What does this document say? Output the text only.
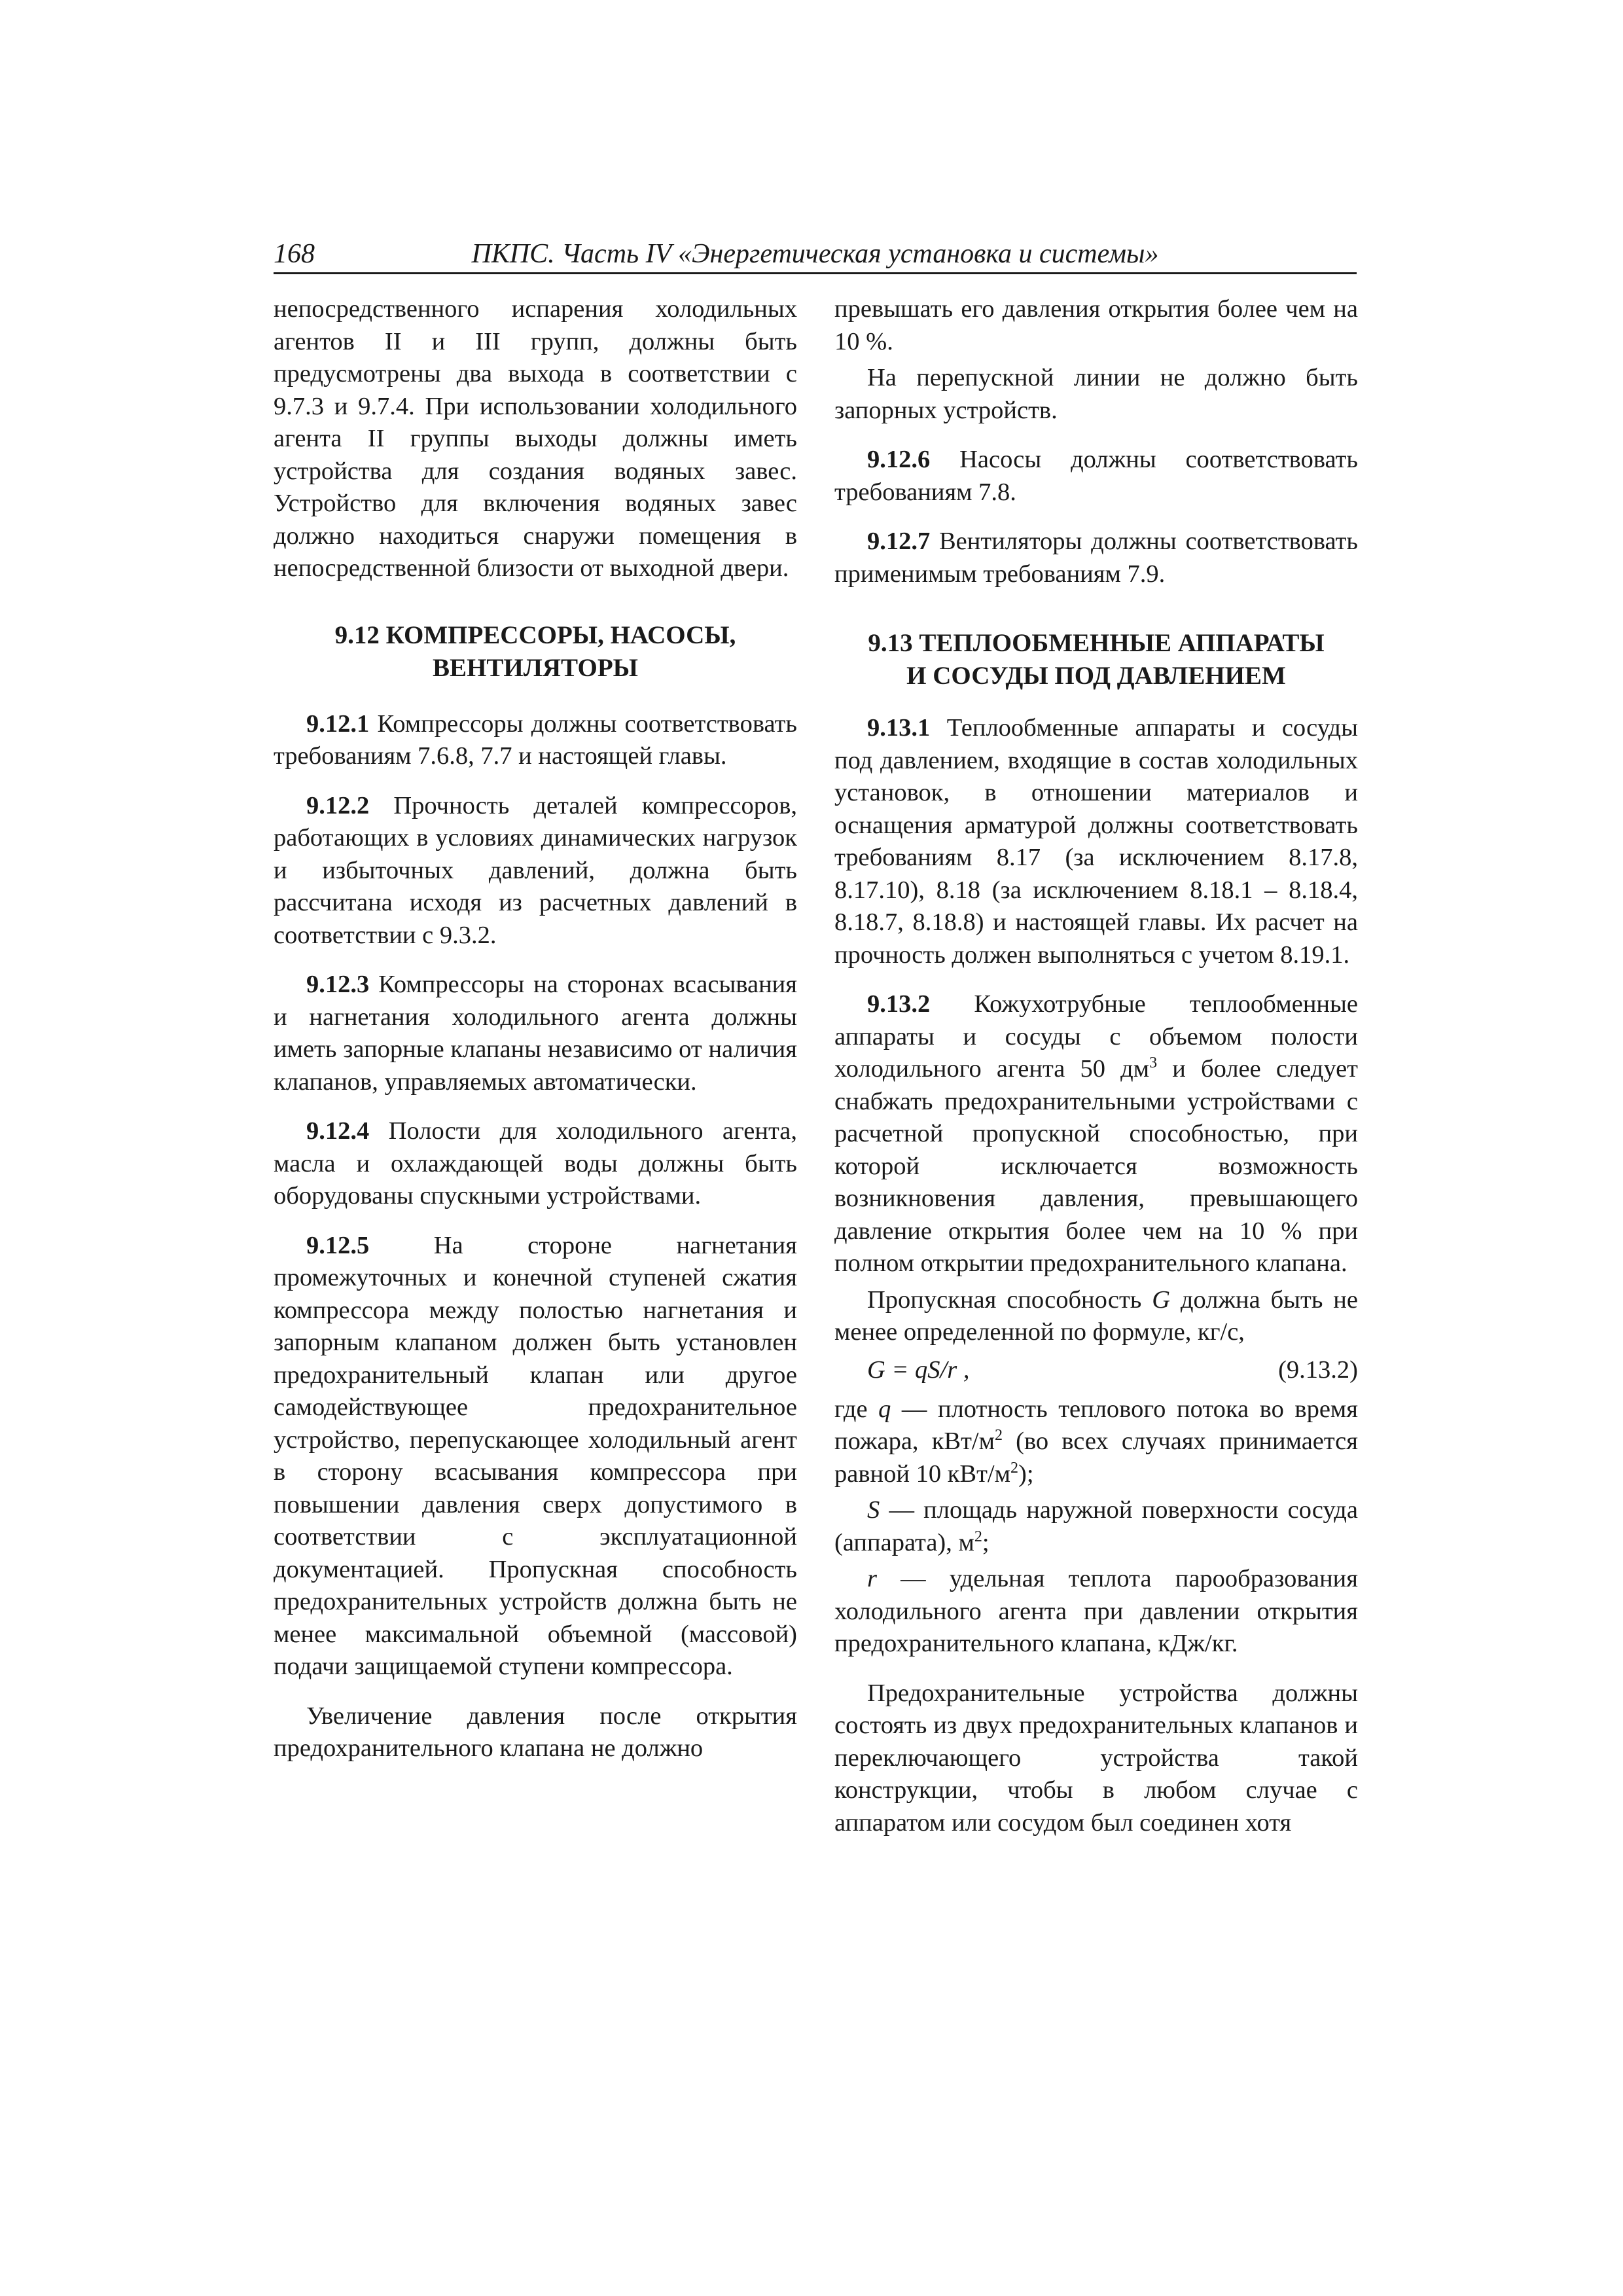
168	ПКПС. Часть IV «Энергетическая установка и системы»

непосредственного испарения холодильных агентов II и III групп, должны быть предусмотрены два выхода в соответствии с 9.7.3 и 9.7.4. При использовании холодильного агента II группы выходы должны иметь устройства для создания водяных завес. Устройство для включения водяных завес должно находиться снаружи помещения в непосредственной близости от выходной двери.

9.12 КОМПРЕССОРЫ, НАСОСЫ,
ВЕНТИЛЯТОРЫ

9.12.1 Компрессоры должны соответствовать требованиям 7.6.8, 7.7 и настоящей главы.

9.12.2 Прочность деталей компрессоров, работающих в условиях динамических нагрузок и избыточных давлений, должна быть рассчитана исходя из расчетных давлений в соответствии с 9.3.2.

9.12.3 Компрессоры на сторонах всасывания и нагнетания холодильного агента должны иметь запорные клапаны независимо от наличия клапанов, управляемых автоматически.

9.12.4 Полости для холодильного агента, масла и охлаждающей воды должны быть оборудованы спускными устройствами.

9.12.5 На стороне нагнетания промежуточных и конечной ступеней сжатия компрессора между полостью нагнетания и запорным клапаном должен быть установлен предохранительный клапан или другое самодействующее предохранительное устройство, перепускающее холодильный агент в сторону всасывания компрессора при повышении давления сверх допустимого в соответствии с эксплуатационной документацией. Пропускная способность предохранительных устройств должна быть не менее максимальной объемной (массовой) подачи защищаемой ступени компрессора.

Увеличение давления после открытия предохранительного клапана не должно

превышать его давления открытия более чем на 10 %.

На перепускной линии не должно быть запорных устройств.

9.12.6 Насосы должны соответствовать требованиям 7.8.

9.12.7 Вентиляторы должны соответствовать применимым требованиям 7.9.

9.13 ТЕПЛООБМЕННЫЕ АППАРАТЫ
И СОСУДЫ ПОД ДАВЛЕНИЕМ

9.13.1 Теплообменные аппараты и сосуды под давлением, входящие в состав холодильных установок, в отношении материалов и оснащения арматурой должны соответствовать требованиям 8.17 (за исключением 8.17.8, 8.17.10), 8.18 (за исключением 8.18.1 – 8.18.4, 8.18.7, 8.18.8) и настоящей главы. Их расчет на прочность должен выполняться с учетом 8.19.1.

9.13.2 Кожухотрубные теплообменные аппараты и сосуды с объемом полости холодильного агента 50 $дм^3$ и более следует снабжать предохранительными устройствами с расчетной пропускной способностью, при которой исключается возможность возникновения давления, превышающего давление открытия более чем на 10 % при полном открытии предохранительного клапана.

Пропускная способность G должна быть не менее определенной по формуле, кг/с,

G = qS/r ,	(9.13.2)

где q — плотность теплового потока во время пожара, кВт/$м^2$ (во всех случаях принимается равной 10 кВт/$м^2$);

S — площадь наружной поверхности сосуда (аппарата), $м^2$;

r — удельная теплота парообразования холодильного агента при давлении открытия предохранительного клапана, кДж/кг.

Предохранительные устройства должны состоять из двух предохранительных клапанов и переключающего устройства такой конструкции, чтобы в любом случае с аппаратом или сосудом был соединен хотя
